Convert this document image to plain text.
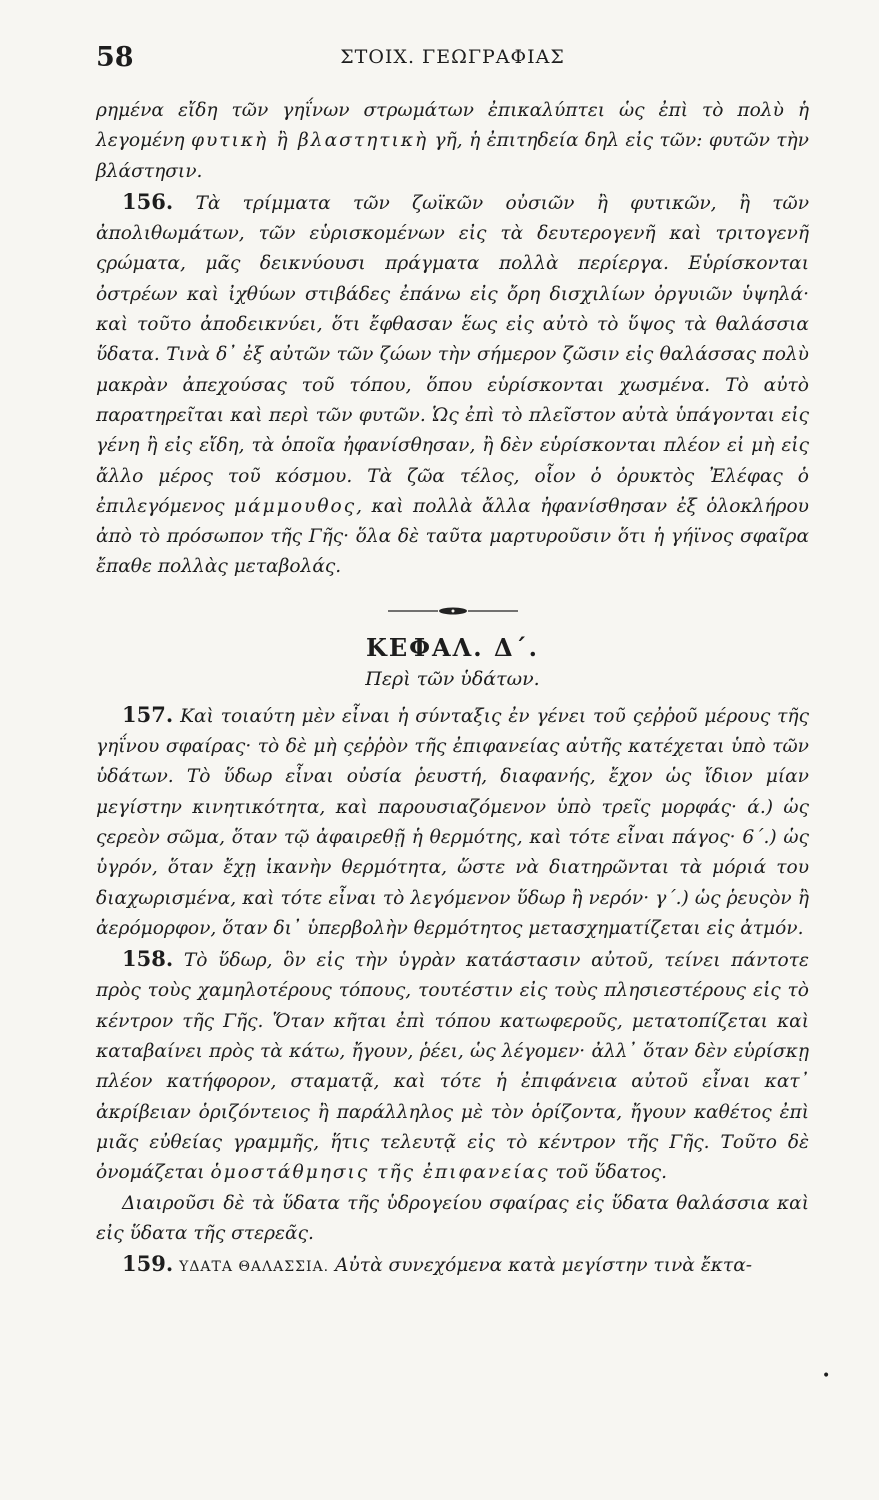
58	ΣΤΟΙΧ. ΓΕΩΓΡΑΦΙΑΣ

ρημένα εἴδη τῶν γηΐνων στρωμάτων ἐπικαλύπτει ὡς ἐπὶ τὸ πολὺ ἡ λεγομένη φυτικὴ ἢ βλαστητικὴ γῆ, ἡ ἐπιτηδεία δηλ εἰς τῶν: φυτῶν τὴν βλάστησιν.

156. Τὰ τρίμματα τῶν ζωϊκῶν οὐσιῶν ἢ φυτικῶν, ἢ τῶν ἀπολιθωμάτων, τῶν εὑρισκομένων εἰς τὰ δευτερογενῆ καὶ τριτογενῆ ςρώματα, μᾶς δεικνύουσι πράγματα πολλὰ περίεργα. Εὑρίσκονται ὀστρέων καὶ ἰχθύων στιβάδες ἐπάνω εἰς ὄρη δισχιλίων ὀργυιῶν ὑψηλά· καὶ τοῦτο ἀποδεικνύει, ὅτι ἔφθασαν ἕως εἰς αὐτὸ τὸ ὕψος τὰ θαλάσσια ὕδατα. Τινὰ δ᾽ ἐξ αὐτῶν τῶν ζώων τὴν σήμερον ζῶσιν εἰς θαλάσσας πολὺ μακρὰν ἀπεχούσας τοῦ τόπου, ὅπου εὑρίσκονται χωσμένα. Τὸ αὐτὸ παρατηρεῖται καὶ περὶ τῶν φυτῶν. Ὡς ἐπὶ τὸ πλεῖστον αὐτὰ ὑπάγονται εἰς γένη ἢ εἰς εἴδη, τὰ ὁποῖα ἠφανίσθησαν, ἢ δὲν εὑρίσκονται πλέον εἰ μὴ εἰς ἄλλο μέρος τοῦ κόσμου. Τὰ ζῶα τέλος, οἷον ὁ ὀρυκτὸς Ἐλέφας ὁ ἐπιλεγόμενος μάμμουθος, καὶ πολλὰ ἄλλα ἠφανίσθησαν ἐξ ὁλοκλήρου ἀπὸ τὸ πρόσωπον τῆς Γῆς· ὅλα δὲ ταῦτα μαρτυροῦσιν ὅτι ἡ γήϊνος σφαῖρα ἔπαθε πολλὰς μεταβολάς.

ΚΕΦΑΛ. Δ΄.
Περὶ τῶν ὑδάτων.

157. Καὶ τοιαύτη μὲν εἶναι ἡ σύνταξις ἐν γένει τοῦ ςεῤῥοῦ μέρους τῆς γηΐνου σφαίρας· τὸ δὲ μὴ ςεῤῥὸν τῆς ἐπιφανείας αὐτῆς κατέχεται ὑπὸ τῶν ὑδάτων. Τὸ ὕδωρ εἶναι οὐσία ῥευστή, διαφανής, ἔχον ὡς ἴδιον μίαν μεγίστην κινητικότητα, καὶ παρουσιαζόμενον ὑπὸ τρεῖς μορφάς· ά.) ὡς ςερεὸν σῶμα, ὅταν τῷ ἀφαιρεθῇ ἡ θερμότης, καὶ τότε εἶναι πάγος· 6΄.) ὡς ὑγρόν, ὅταν ἔχῃ ἱκανὴν θερμότητα, ὥστε νὰ διατηρῶνται τὰ μόριά του διαχωρισμένα, καὶ τότε εἶναι τὸ λεγόμενον ὕδωρ ἢ νερόν· γ΄.) ὡς ῥευςὸν ἢ ἀερόμορφον, ὅταν δι᾽ ὑπερβολὴν θερμότητος μετασχηματίζεται εἰς ἀτμόν.

158. Τὸ ὕδωρ, ὃν εἰς τὴν ὑγρὰν κατάστασιν αὐτοῦ, τείνει πάντοτε πρὸς τοὺς χαμηλοτέρους τόπους, τουτέστιν εἰς τοὺς πλησιεστέρους εἰς τὸ κέντρον τῆς Γῆς. Ὅταν κῆται ἐπὶ τόπου κατωφεροῦς, μετατοπίζεται καὶ καταβαίνει πρὸς τὰ κάτω, ἤγουν, ῥέει, ὡς λέγομεν· ἀλλ᾽ ὅταν δὲν εὑρίσκῃ πλέον κατήφορον, σταματᾷ, καὶ τότε ἡ ἐπιφάνεια αὐτοῦ εἶναι κατ᾽ ἀκρίβειαν ὁριζόντειος ἢ παράλληλος μὲ τὸν ὁρίζοντα, ἤγουν καθέτος ἐπὶ μιᾶς εὐθείας γραμμῆς, ἥτις τελευτᾷ εἰς τὸ κέντρον τῆς Γῆς. Τοῦτο δὲ ὀνομάζεται ὁμοστάθμησις τῆς ἐπιφανείας τοῦ ὕδατος.

Διαιροῦσι δὲ τὰ ὕδατα τῆς ὑδρογείου σφαίρας εἰς ὕδατα θαλάσσια καὶ εἰς ὕδατα τῆς στερεᾶς.

159. ΥΔΑΤΑ ΘΑΛΑΣΣΙΑ. Αὐτὰ συνεχόμενα κατὰ μεγίστην τινὰ ἔκτα-

•
